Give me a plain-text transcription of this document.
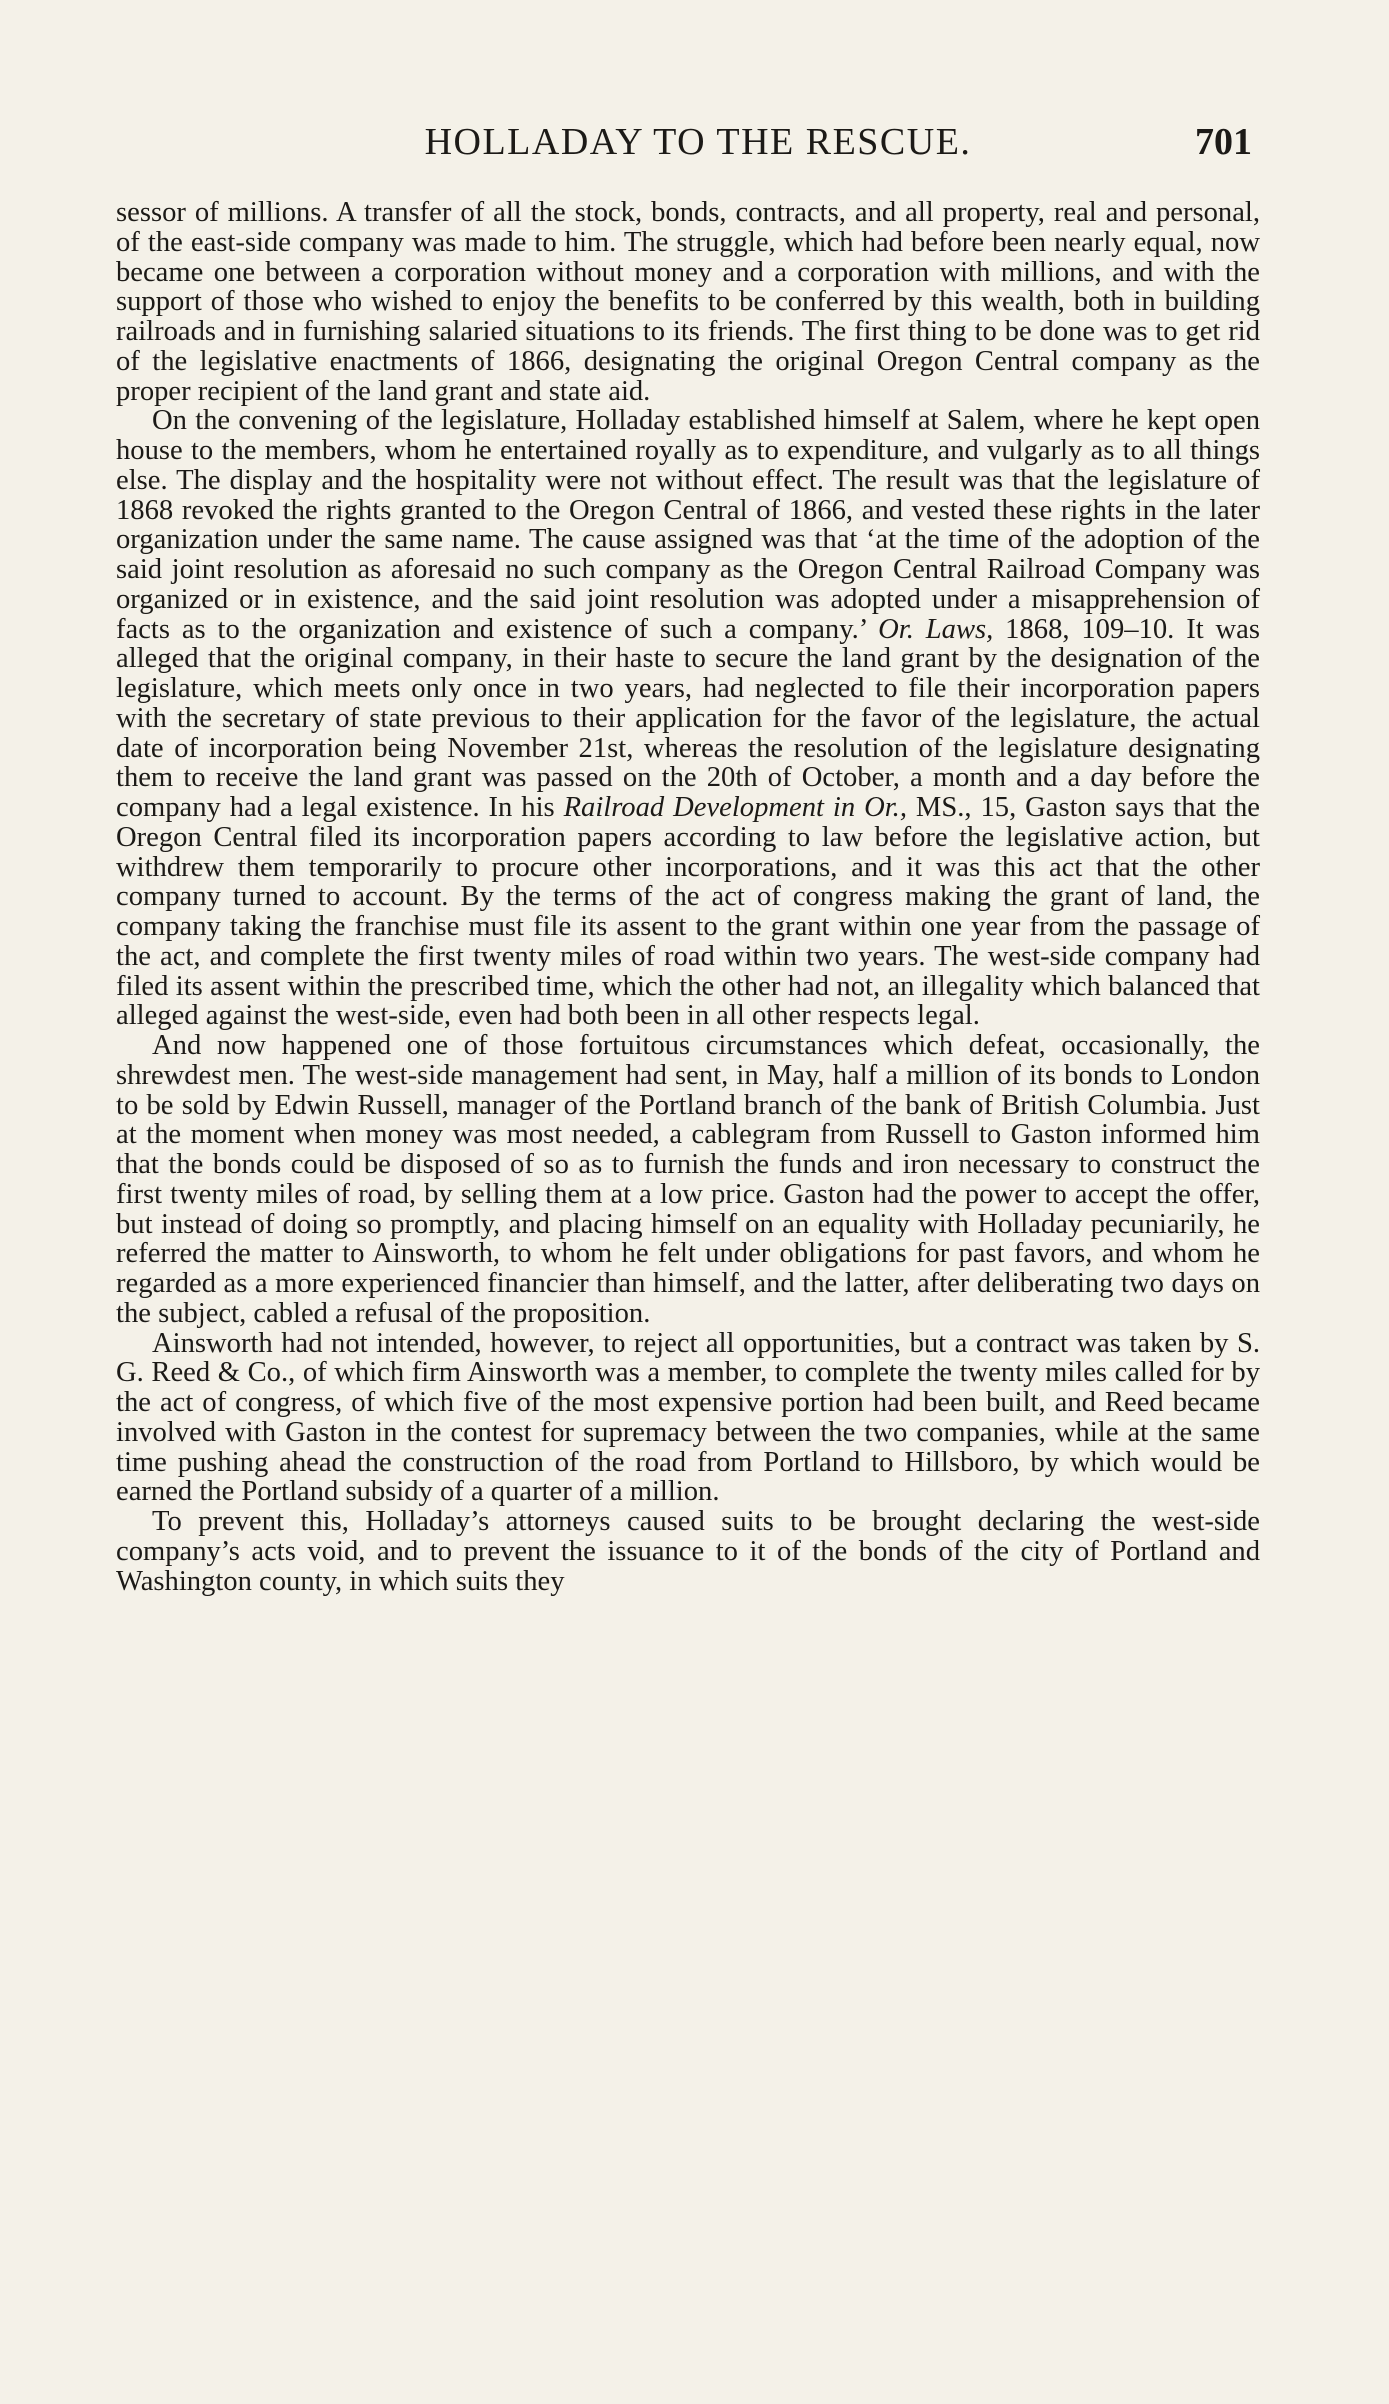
HOLLADAY TO THE RESCUE.	701

sessor of millions. A transfer of all the stock, bonds, contracts, and all property, real and personal, of the east-side company was made to him. The struggle, which had before been nearly equal, now became one between a corporation without money and a corporation with millions, and with the support of those who wished to enjoy the benefits to be conferred by this wealth, both in building railroads and in furnishing salaried situations to its friends. The first thing to be done was to get rid of the legislative enactments of 1866, designating the original Oregon Central company as the proper recipient of the land grant and state aid.

On the convening of the legislature, Holladay established himself at Salem, where he kept open house to the members, whom he entertained royally as to expenditure, and vulgarly as to all things else. The display and the hospitality were not without effect. The result was that the legislature of 1868 revoked the rights granted to the Oregon Central of 1866, and vested these rights in the later organization under the same name. The cause assigned was that ‘at the time of the adoption of the said joint resolution as aforesaid no such company as the Oregon Central Railroad Company was organized or in existence, and the said joint resolution was adopted under a misapprehension of facts as to the organization and existence of such a company.’ Or. Laws, 1868, 109–10. It was alleged that the original company, in their haste to secure the land grant by the designation of the legislature, which meets only once in two years, had neglected to file their incorporation papers with the secretary of state previous to their application for the favor of the legislature, the actual date of incorporation being November 21st, whereas the resolution of the legislature designating them to receive the land grant was passed on the 20th of October, a month and a day before the company had a legal existence. In his Railroad Development in Or., MS., 15, Gaston says that the Oregon Central filed its incorporation papers according to law before the legislative action, but withdrew them temporarily to procure other incorporations, and it was this act that the other company turned to account. By the terms of the act of congress making the grant of land, the company taking the franchise must file its assent to the grant within one year from the passage of the act, and complete the first twenty miles of road within two years. The west-side company had filed its assent within the prescribed time, which the other had not, an illegality which balanced that alleged against the west-side, even had both been in all other respects legal.

And now happened one of those fortuitous circumstances which defeat, occasionally, the shrewdest men. The west-side management had sent, in May, half a million of its bonds to London to be sold by Edwin Russell, manager of the Portland branch of the bank of British Columbia. Just at the moment when money was most needed, a cablegram from Russell to Gaston informed him that the bonds could be disposed of so as to furnish the funds and iron necessary to construct the first twenty miles of road, by selling them at a low price. Gaston had the power to accept the offer, but instead of doing so promptly, and placing himself on an equality with Holladay pecuniarily, he referred the matter to Ainsworth, to whom he felt under obligations for past favors, and whom he regarded as a more experienced financier than himself, and the latter, after deliberating two days on the subject, cabled a refusal of the proposition.

Ainsworth had not intended, however, to reject all opportunities, but a contract was taken by S. G. Reed & Co., of which firm Ainsworth was a member, to complete the twenty miles called for by the act of congress, of which five of the most expensive portion had been built, and Reed became involved with Gaston in the contest for supremacy between the two companies, while at the same time pushing ahead the construction of the road from Portland to Hillsboro, by which would be earned the Portland subsidy of a quarter of a million.

To prevent this, Holladay’s attorneys caused suits to be brought declaring the west-side company’s acts void, and to prevent the issuance to it of the bonds of the city of Portland and Washington county, in which suits they
